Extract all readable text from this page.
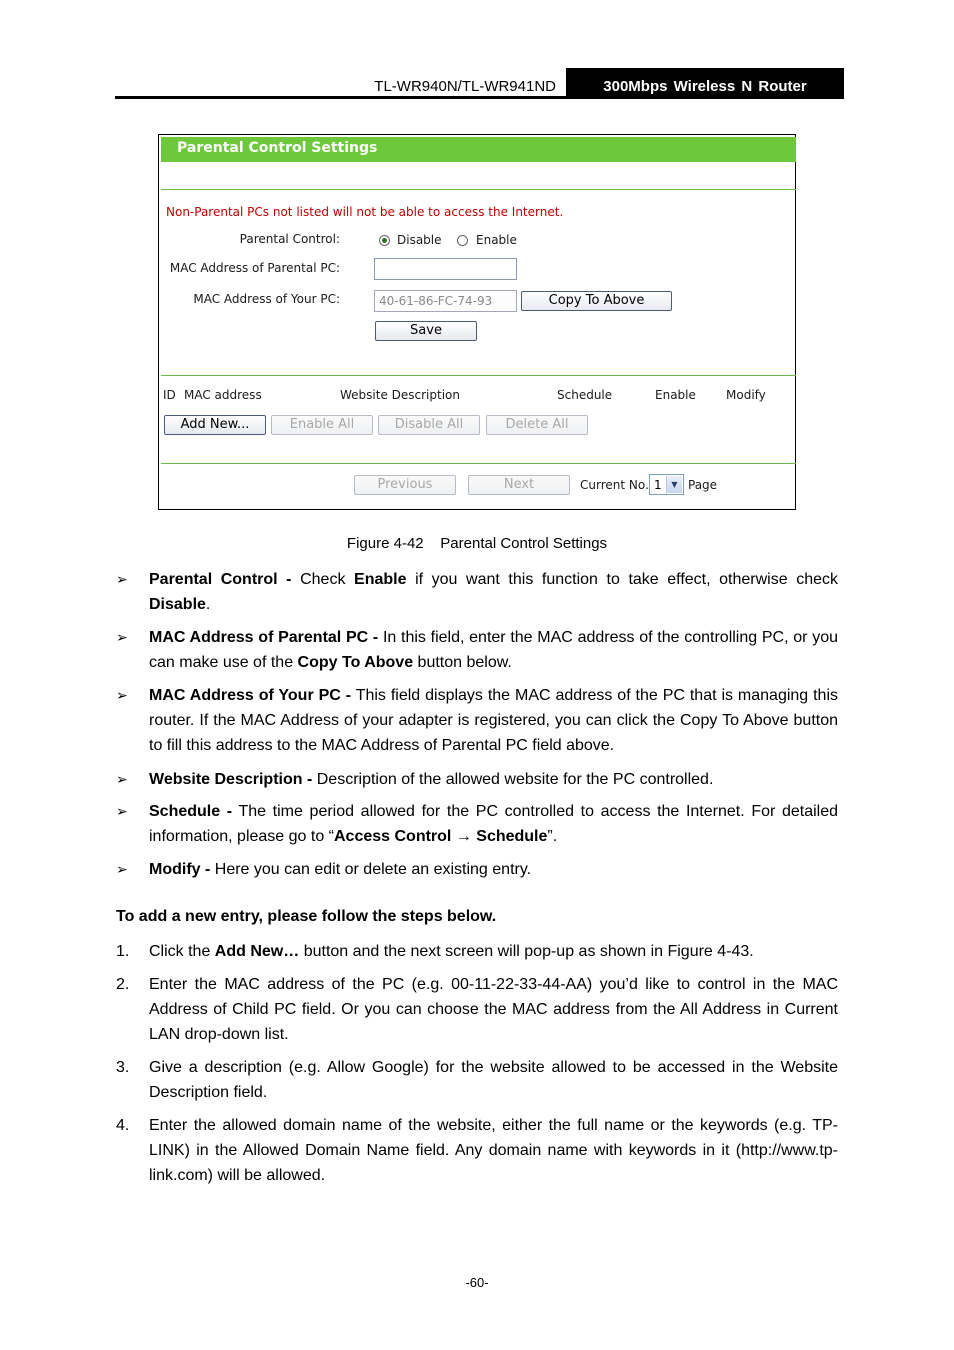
TL-WR940N/TL-WR941ND	300Mbps Wireless N Router
Parental Control Settings
Non-Parental PCs not listed will not be able to access the Internet.
Parental Control:	Disable	Enable
MAC Address of Parental PC:
MAC Address of Your PC:	40-61-86-FC-74-93	Copy To Above
Save
ID MAC address	Website Description	Schedule	Enable	Modify
Add New...	Enable All	Disable All	Delete All
Previous	Next	Current No. 1	▼ Page
Figure 4-42    Parental Control Settings
➢ Parental Control - Check Enable if you want this function to take effect, otherwise check Disable.

➢ MAC Address of Parental PC - In this field, enter the MAC address of the controlling PC, or you can make use of the Copy To Above button below.

➢ MAC Address of Your PC - This field displays the MAC address of the PC that is managing this router. If the MAC Address of your adapter is registered, you can click the Copy To Above button to fill this address to the MAC Address of Parental PC field above.

➢ Website Description - Description of the allowed website for the PC controlled.

➢ Schedule - The time period allowed for the PC controlled to access the Internet. For detailed information, please go to “Access Control → Schedule”.

➢ Modify - Here you can edit or delete an existing entry.

To add a new entry, please follow the steps below.
1. Click the Add New… button and the next screen will pop-up as shown in Figure 4-43.

2. Enter the MAC address of the PC (e.g. 00-11-22-33-44-AA) you’d like to control in the MAC Address of Child PC field. Or you can choose the MAC address from the All Address in Current LAN drop-down list.

3. Give a description (e.g. Allow Google) for the website allowed to be accessed in the Website Description field.

4. Enter the allowed domain name of the website, either the full name or the keywords (e.g. TP-LINK) in the Allowed Domain Name field. Any domain name with keywords in it (http://www.tp-link.com) will be allowed.

-60-
